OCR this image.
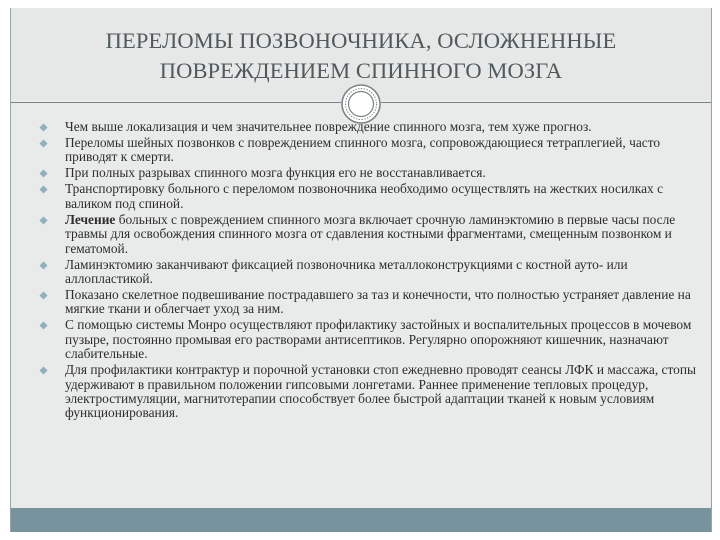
ПЕРЕЛОМЫ ПОЗВОНОЧНИКА, ОСЛОЖНЕННЫЕ
ПОВРЕЖДЕНИЕМ СПИННОГО МОЗГА
Чем выше локализация и чем значительнее повреждение спинного мозга, тем хуже прогноз.
Переломы шейных позвонков с повреждением спинного мозга, сопровождающиеся тетраплегией, часто приводят к смерти.
При полных разрывах спинного мозга функция его не восстанавливается.
Транспортировку больного с переломом позвоночника необходимо осуществлять на жестких носилках с валиком под спиной.
Лечение больных с повреждением спинного мозга включает срочную ламинэктомию в первые часы после травмы для освобождения спинного мозга от сдавления костными фрагментами, смещенным позвонком и гематомой.
Ламинэктомию заканчивают фиксацией позвоночника металлоконструкциями с костной ауто- или аллопластикой.
Показано скелетное подвешивание пострадавшего за таз и конечности, что полностью устраняет давление на мягкие ткани и облегчает уход за ним.
С помощью системы Монро осуществляют профилактику застойных и воспалительных процессов в мочевом пузыре, постоянно промывая его растворами антисептиков. Регулярно опорожняют кишечник, назначают слабительные.
Для профилактики контрактур и порочной установки стоп ежедневно проводят сеансы ЛФК и массажа, стопы удерживают в правильном положении гипсовыми лонгетами. Раннее применение тепловых процедур, электростимуляции, магнитотерапии способствует более быстрой адаптации тканей к новым условиям функционирования.
